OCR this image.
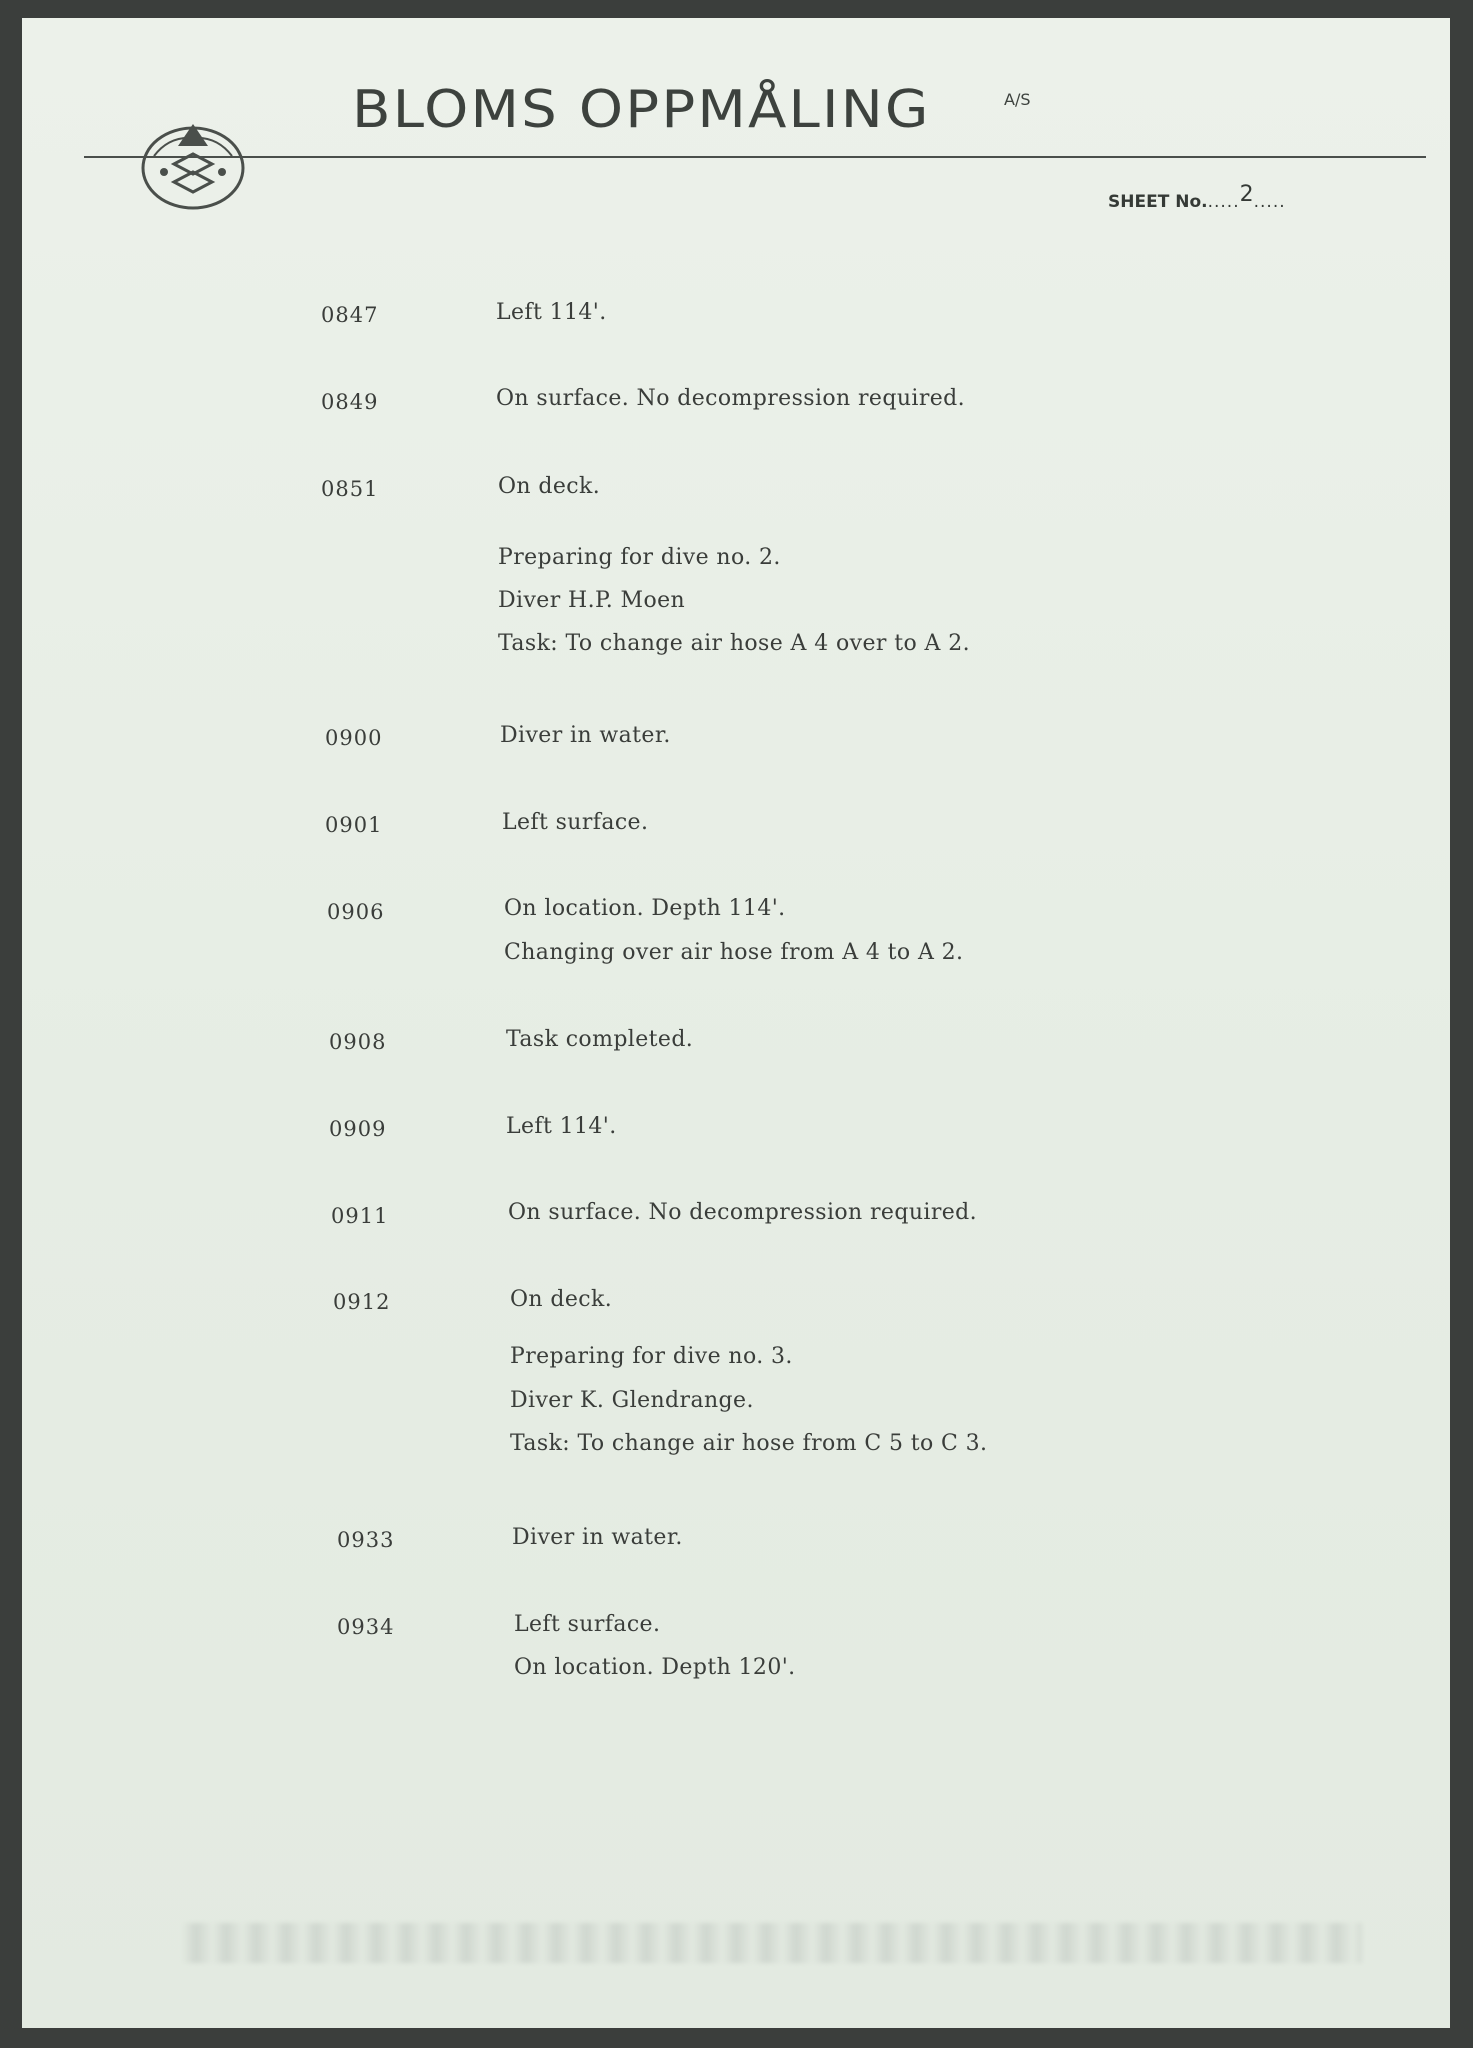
BLOMS OPPMÅLING	A/S
SHEET No......2.....
0847	Left 114'.
0849	On surface. No decompression required.
0851	On deck.
Preparing for dive no. 2.
Diver H.P. Moen
Task: To change air hose A 4 over to A 2.
0900	Diver in water.
0901	Left surface.
0906	On location. Depth 114'.
Changing over air hose from A 4 to A 2.
0908	Task completed.
0909	Left 114'.
0911	On surface. No decompression required.
0912	On deck.
Preparing for dive no. 3.
Diver K. Glendrange.
Task: To change air hose from C 5 to C 3.
0933	Diver in water.
0934	Left surface.
On location. Depth 120'.
